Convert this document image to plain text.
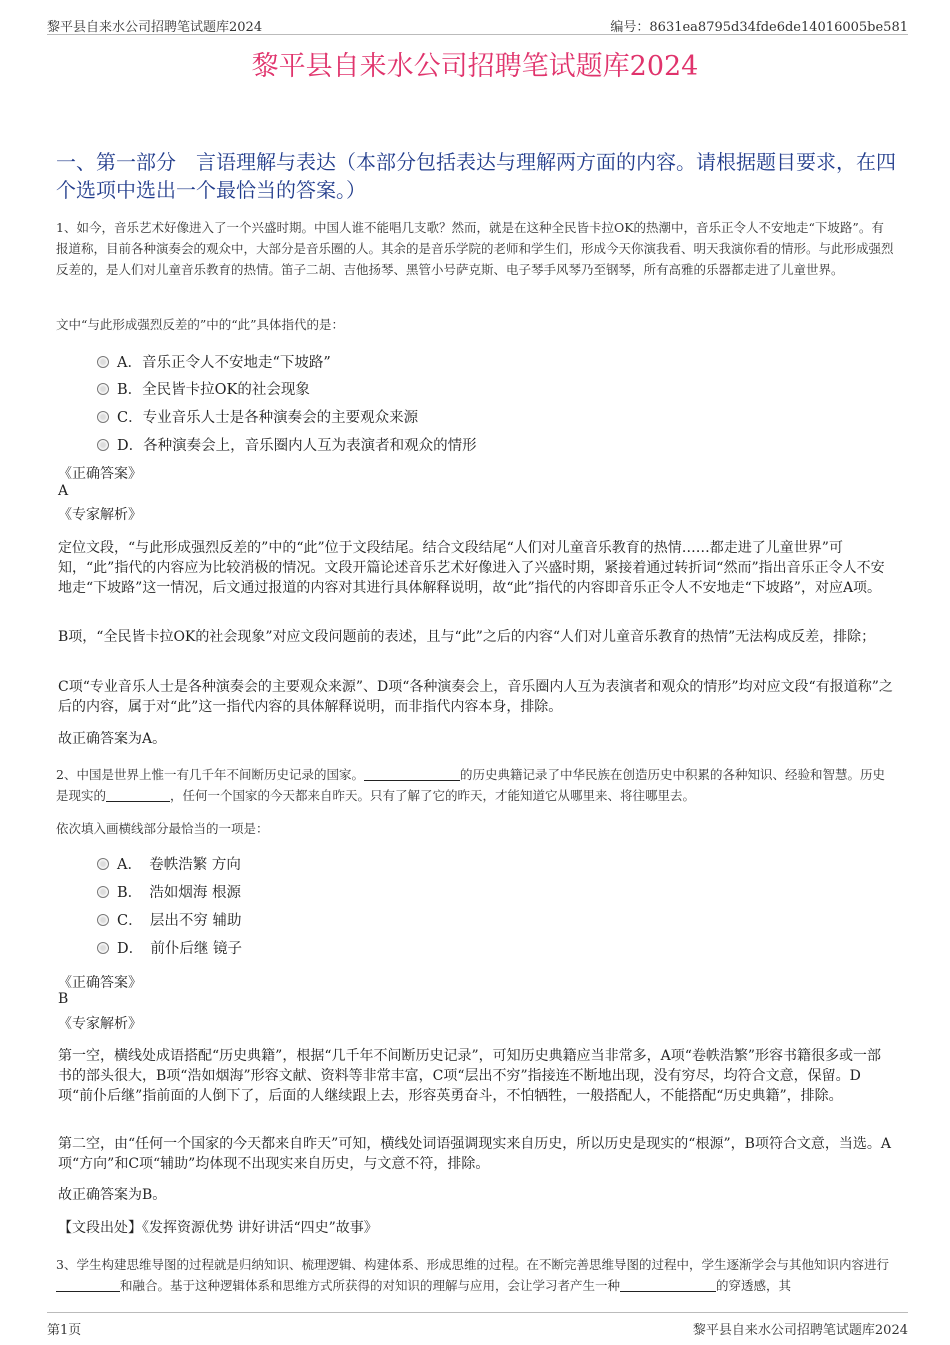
黎平县自来水公司招聘笔试题库2024	编号：8631ea8795d34fde6de14016005be581
黎平县自来水公司招聘笔试题库2024
一、第一部分　言语理解与表达（本部分包括表达与理解两方面的内容。请根据题目要求，在四个选项中选出一个最恰当的答案。）
1、如今，音乐艺术好像进入了一个兴盛时期。中国人谁不能唱几支歌？然而，就是在这种全民皆卡拉OK的热潮中，音乐正令人不安地走“下坡路”。有报道称，目前各种演奏会的观众中，大部分是音乐圈的人。其余的是音乐学院的老师和学生们，形成今天你演我看、明天我演你看的情形。与此形成强烈反差的，是人们对儿童音乐教育的热情。笛子二胡、吉他扬琴、黑管小号萨克斯、电子琴手风琴乃至钢琴，所有高雅的乐器都走进了儿童世界。
文中“与此形成强烈反差的”中的“此”具体指代的是：
A．音乐正令人不安地走“下坡路”
B．全民皆卡拉OK的社会现象
C．专业音乐人士是各种演奏会的主要观众来源
D．各种演奏会上，音乐圈内人互为表演者和观众的情形
《正确答案》
A
《专家解析》
定位文段，“与此形成强烈反差的”中的“此”位于文段结尾。结合文段结尾“人们对儿童音乐教育的热情……都走进了儿童世界”可知，“此”指代的内容应为比较消极的情况。文段开篇论述音乐艺术好像进入了兴盛时期，紧接着通过转折词“然而”指出音乐正令人不安地走“下坡路”这一情况，后文通过报道的内容对其进行具体解释说明，故“此”指代的内容即音乐正令人不安地走“下坡路”，对应A项。
B项，“全民皆卡拉OK的社会现象”对应文段问题前的表述，且与“此”之后的内容“人们对儿童音乐教育的热情”无法构成反差，排除；
C项“专业音乐人士是各种演奏会的主要观众来源”、D项“各种演奏会上，音乐圈内人互为表演者和观众的情形”均对应文段“有报道称”之后的内容，属于对“此”这一指代内容的具体解释说明，而非指代内容本身，排除。
故正确答案为A。
2、中国是世界上惟一有几千年不间断历史记录的国家。	的历史典籍记录了中华民族在创造历史中积累的各种知识、经验和智慧。历史是现实的	，任何一个国家的今天都来自昨天。只有了解了它的昨天，才能知道它从哪里来、将往哪里去。
依次填入画横线部分最恰当的一项是：
A．　卷帙浩繁 方向
B．　浩如烟海 根源
C．　层出不穷 辅助
D．　前仆后继 镜子
《正确答案》
B
《专家解析》
第一空，横线处成语搭配“历史典籍”，根据“几千年不间断历史记录”，可知历史典籍应当非常多，A项“卷帙浩繁”形容书籍很多或一部书的部头很大，B项“浩如烟海”形容文献、资料等非常丰富，C项“层出不穷”指接连不断地出现，没有穷尽，均符合文意，保留。D项“前仆后继”指前面的人倒下了，后面的人继续跟上去，形容英勇奋斗，不怕牺牲，一般搭配人，不能搭配“历史典籍”，排除。
第二空，由“任何一个国家的今天都来自昨天”可知，横线处词语强调现实来自历史，所以历史是现实的“根源”，B项符合文意，当选。A项“方向”和C项“辅助”均体现不出现实来自历史，与文意不符，排除。
故正确答案为B。
【文段出处】《发挥资源优势 讲好讲活“四史”故事》
3、学生构建思维导图的过程就是归纳知识、梳理逻辑、构建体系、形成思维的过程。在不断完善思维导图的过程中，学生逐渐学会与其他知识内容进行和融合。基于这种逻辑体系和思维方式所获得的对知识的理解与应用，会让学习者产生一种	的穿透感，其
第1页	黎平县自来水公司招聘笔试题库2024
